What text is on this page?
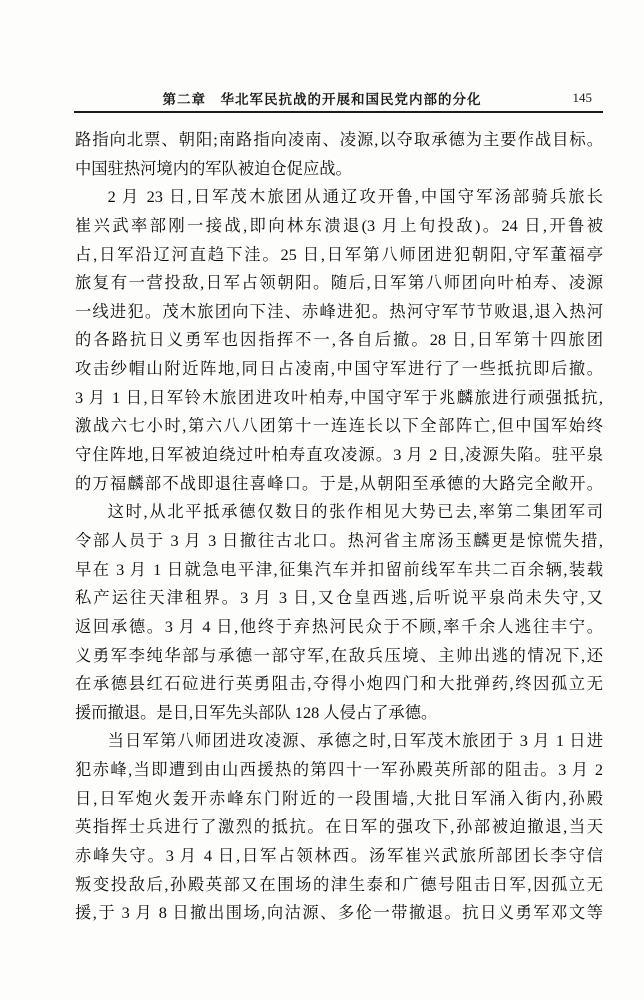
第二章　华北军民抗战的开展和国民党内部的分化	145
路指向北票、朝阳;南路指向凌南、凌源,以夺取承德为主要作战目标。
中国驻热河境内的军队被迫仓促应战。
2 月 23 日,日军茂木旅团从通辽攻开鲁,中国守军汤部骑兵旅长
崔兴武率部刚一接战,即向林东溃退(3 月上旬投敌)。24 日,开鲁被
占,日军沿辽河直趋下洼。25 日,日军第八师团进犯朝阳,守军董福亭
旅复有一营投敌,日军占领朝阳。随后,日军第八师团向叶柏寿、凌源
一线进犯。茂木旅团向下洼、赤峰进犯。热河守军节节败退,退入热河
的各路抗日义勇军也因指挥不一,各自后撤。28 日,日军第十四旅团
攻击纱帽山附近阵地,同日占凌南,中国守军进行了一些抵抗即后撤。
3 月 1 日,日军铃木旅团进攻叶柏寿,中国守军于兆麟旅进行顽强抵抗,
激战六七小时,第六八八团第十一连连长以下全部阵亡,但中国军始终
守住阵地,日军被迫绕过叶柏寿直攻凌源。3 月 2 日,凌源失陷。驻平泉
的万福麟部不战即退往喜峰口。于是,从朝阳至承德的大路完全敞开。
这时,从北平抵承德仅数日的张作相见大势已去,率第二集团军司
令部人员于 3 月 3 日撤往古北口。热河省主席汤玉麟更是惊慌失措,
早在 3 月 1 日就急电平津,征集汽车并扣留前线军车共二百余辆,装载
私产运往天津租界。3 月 3 日,又仓皇西逃,后听说平泉尚未失守,又
返回承德。3 月 4 日,他终于弃热河民众于不顾,率千余人逃往丰宁。
义勇军李纯华部与承德一部守军,在敌兵压境、主帅出逃的情况下,还
在承德县红石砬进行英勇阻击,夺得小炮四门和大批弹药,终因孤立无
援而撤退。是日,日军先头部队 128 人侵占了承德。
当日军第八师团进攻凌源、承德之时,日军茂木旅团于 3 月 1 日进
犯赤峰,当即遭到由山西援热的第四十一军孙殿英所部的阻击。3 月 2
日,日军炮火轰开赤峰东门附近的一段围墙,大批日军涌入街内,孙殿
英指挥士兵进行了激烈的抵抗。在日军的强攻下,孙部被迫撤退,当天
赤峰失守。3 月 4 日,日军占领林西。汤军崔兴武旅所部团长李守信
叛变投敌后,孙殿英部又在围场的津生泰和广德号阻击日军,因孤立无
援,于 3 月 8 日撤出围场,向沽源、多伦一带撤退。抗日义勇军邓文等
